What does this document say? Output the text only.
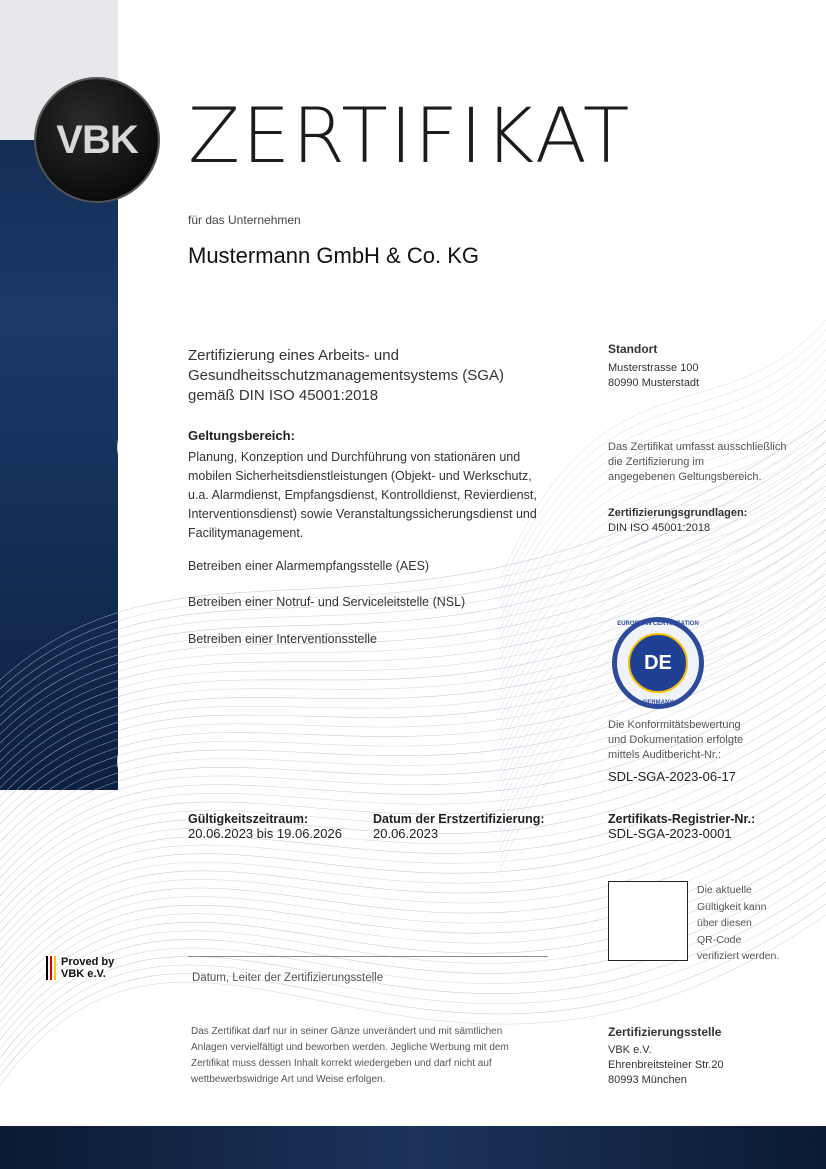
CERTIFICATE
VBK ZERTIFIKAT
für das Unternehmen
Mustermann GmbH & Co. KG
Zertifizierung eines Arbeits- und
Gesundheitsschutzmanagementsystems (SGA)
gemäß DIN ISO 45001:2018
Geltungsbereich:
Planung, Konzeption und Durchführung von stationären und
mobilen Sicherheitsdienstleistungen (Objekt- und Werkschutz,
u.a. Alarmdienst, Empfangsdienst, Kontrolldienst, Revierdienst,
Interventionsdienst) sowie Veranstaltungssicherungsdienst und
Facilitymanagement.
Betreiben einer Alarmempfangsstelle (AES)
Betreiben einer Notruf- und Serviceleitstelle (NSL)
Betreiben einer Interventionsstelle
Standort
Musterstrasse 100
80990 Musterstadt
Das Zertifikat umfasst ausschließlich
die Zertifizierung im
angegebenen Geltungsbereich.
Zertifizierungsgrundlagen:
DIN ISO 45001:2018
DE
EUROPEAN CERTIFICATION
GERMANY
Die Konformitätsbewertung
und Dokumentation erfolgte
mittels Auditbericht-Nr.:
SDL-SGA-2023-06-17
Gültigkeitszeitraum:
20.06.2023 bis 19.06.2026
Datum der Erstzertifizierung:
20.06.2023
Zertifikats-Registrier-Nr.:
SDL-SGA-2023-0001
Die aktuelle
Gültigkeit kann
über diesen
QR-Code
verifiziert werden.
Proved by
VBK e.V.	Datum, Leiter der Zertifizierungsstelle
Das Zertifikat darf nur in seiner Gänze unverändert und mit sämtlichen
Anlagen vervielfältigt und beworben werden. Jegliche Werbung mit dem
Zertifikat muss dessen Inhalt korrekt wiedergeben und darf nicht auf
wettbewerbswidrige Art und Weise erfolgen.
Zertifizierungsstelle
VBK e.V.
Ehrenbreitsteiner Str.20
80993 München
